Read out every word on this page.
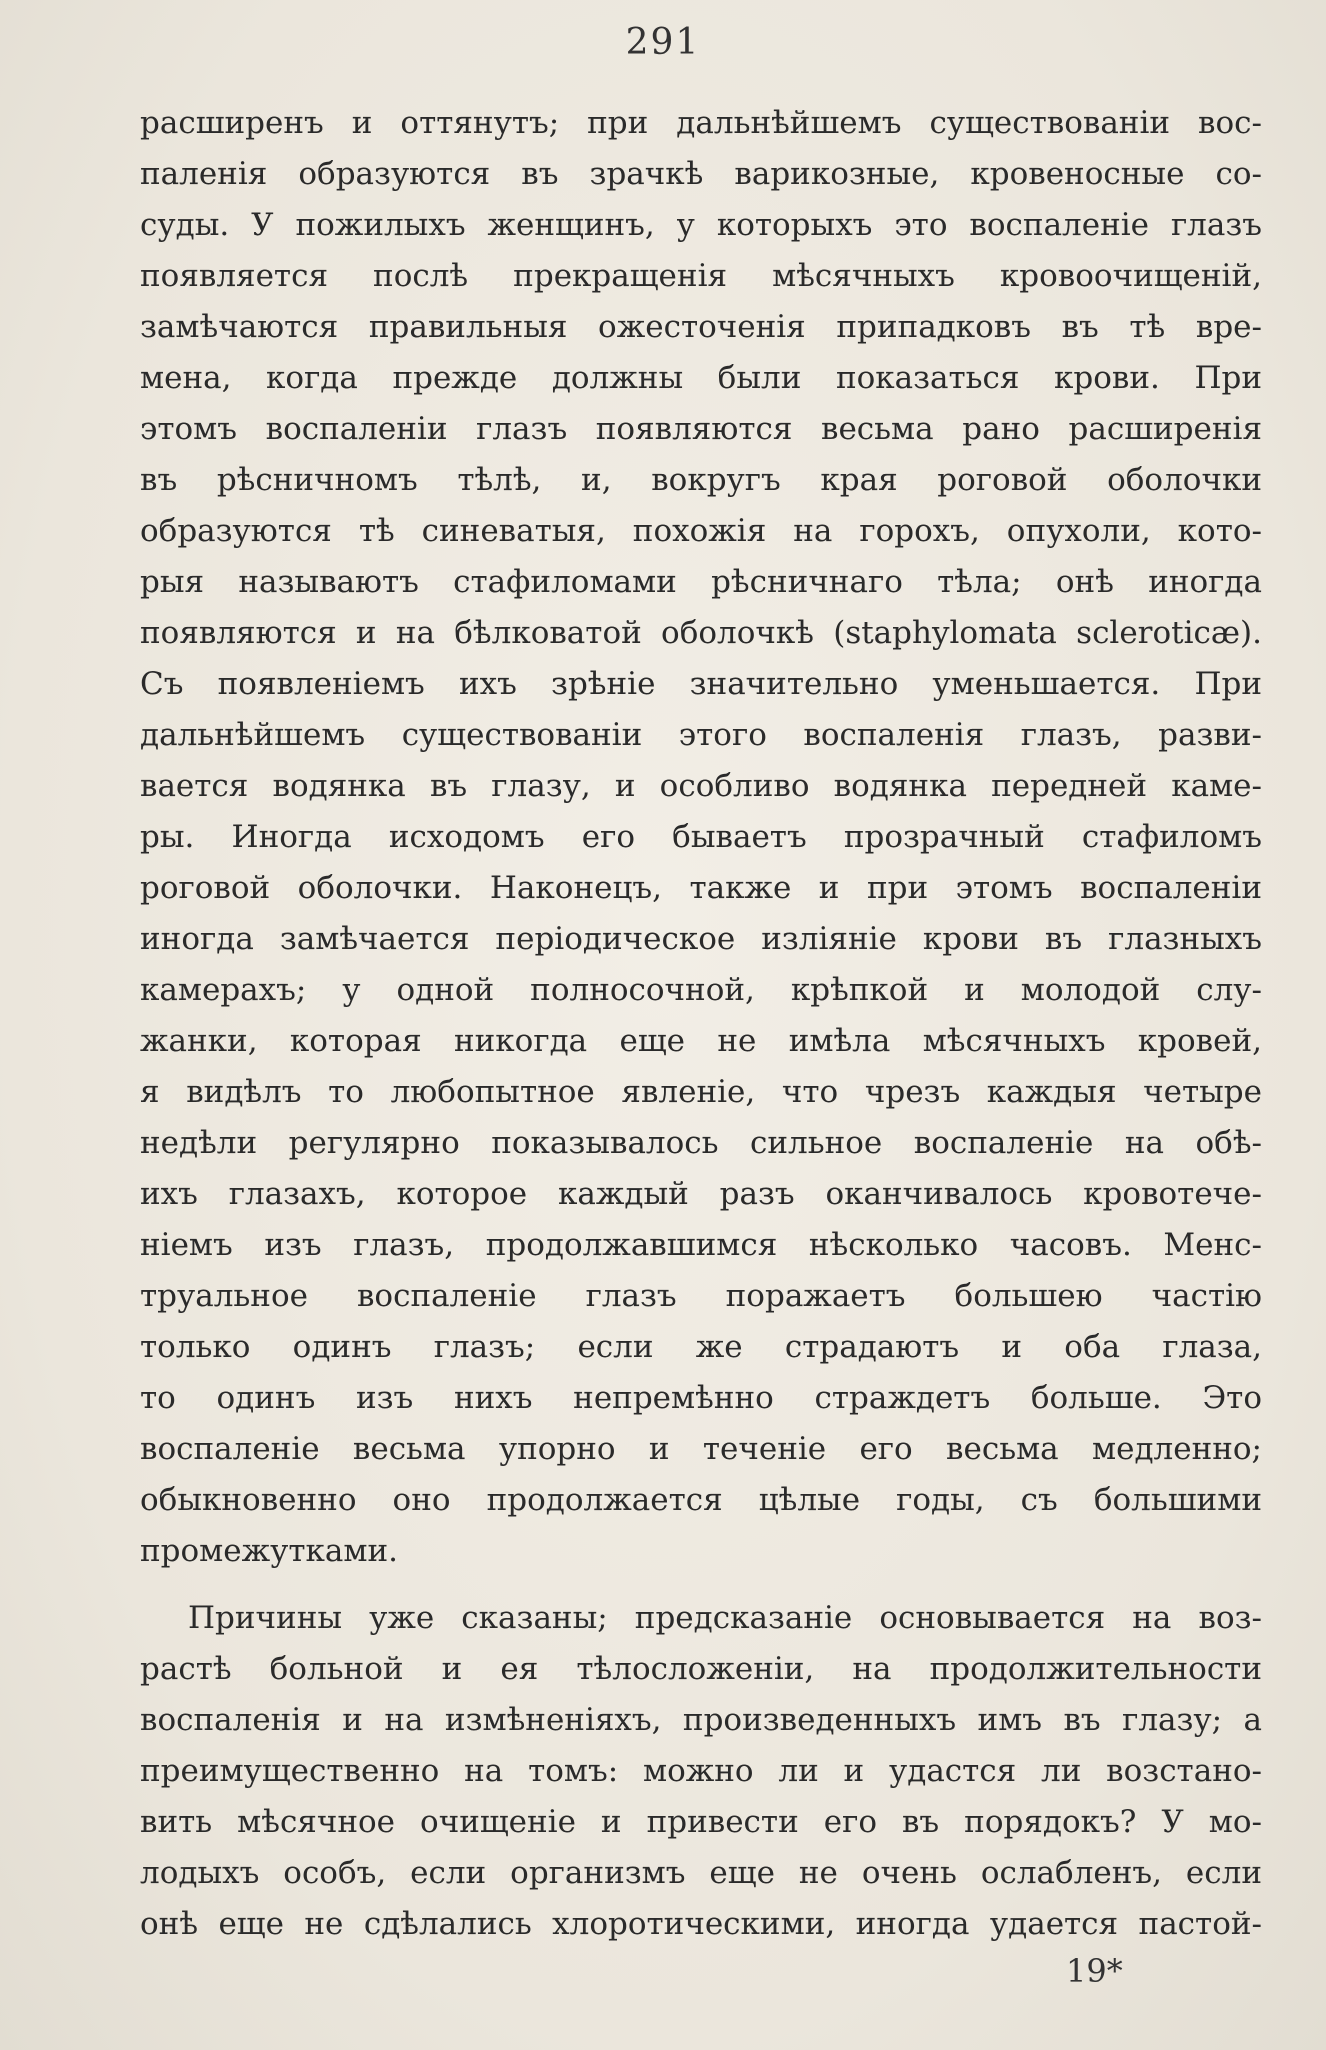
291
расширенъ и оттянутъ; при дальнѣйшемъ существованіи вос-
паленія образуются въ зрачкѣ варикозные, кровеносные со-
суды. У пожилыхъ женщинъ, у которыхъ это воспаленіе глазъ
появляется послѣ прекращенія мѣсячныхъ кровоочищеній,
замѣчаются правильныя ожесточенія припадковъ въ тѣ вре-
мена, когда прежде должны были показаться крови. При
этомъ воспаленіи глазъ появляются весьма рано расширенія
въ рѣсничномъ тѣлѣ, и, вокругъ края роговой оболочки
образуются тѣ синеватыя, похожія на горохъ, опухоли, кото-
рыя называютъ стафиломами рѣсничнаго тѣла; онѣ иногда
появляются и на бѣлковатой оболочкѣ (staphylomata scleroticæ).
Съ появленіемъ ихъ зрѣніе значительно уменьшается. При
дальнѣйшемъ существованіи этого воспаленія глазъ, разви-
вается водянка въ глазу, и особливо водянка передней каме-
ры. Иногда исходомъ его бываетъ прозрачный стафиломъ
роговой оболочки. Наконецъ, также и при этомъ воспаленіи
иногда замѣчается періодическое изліяніе крови въ глазныхъ
камерахъ; у одной полносочной, крѣпкой и молодой слу-
жанки, которая никогда еще не имѣла мѣсячныхъ кровей,
я видѣлъ то любопытное явленіе, что чрезъ каждыя четыре
недѣли регулярно показывалось сильное воспаленіе на обѣ-
ихъ глазахъ, которое каждый разъ оканчивалось кровотече-
ніемъ изъ глазъ, продолжавшимся нѣсколько часовъ. Менс-
труальное воспаленіе глазъ поражаетъ большею частію
только одинъ глазъ; если же страдаютъ и оба глаза,
то одинъ изъ нихъ непремѣнно страждетъ больше. Это
воспаленіе весьма упорно и теченіе его весьма медленно;
обыкновенно оно продолжается цѣлые годы, съ большими
промежутками.
Причины уже сказаны; предсказаніе основывается на воз-
растѣ больной и ея тѣлосложеніи, на продолжительности
воспаленія и на измѣненіяхъ, произведенныхъ имъ въ глазу; а
преимущественно на томъ: можно ли и удастся ли возстано-
вить мѣсячное очищеніе и привести его въ порядокъ? У мо-
лодыхъ особъ, если организмъ еще не очень ослабленъ, если
онѣ еще не сдѣлались хлоротическими, иногда удается пастой-
19*
